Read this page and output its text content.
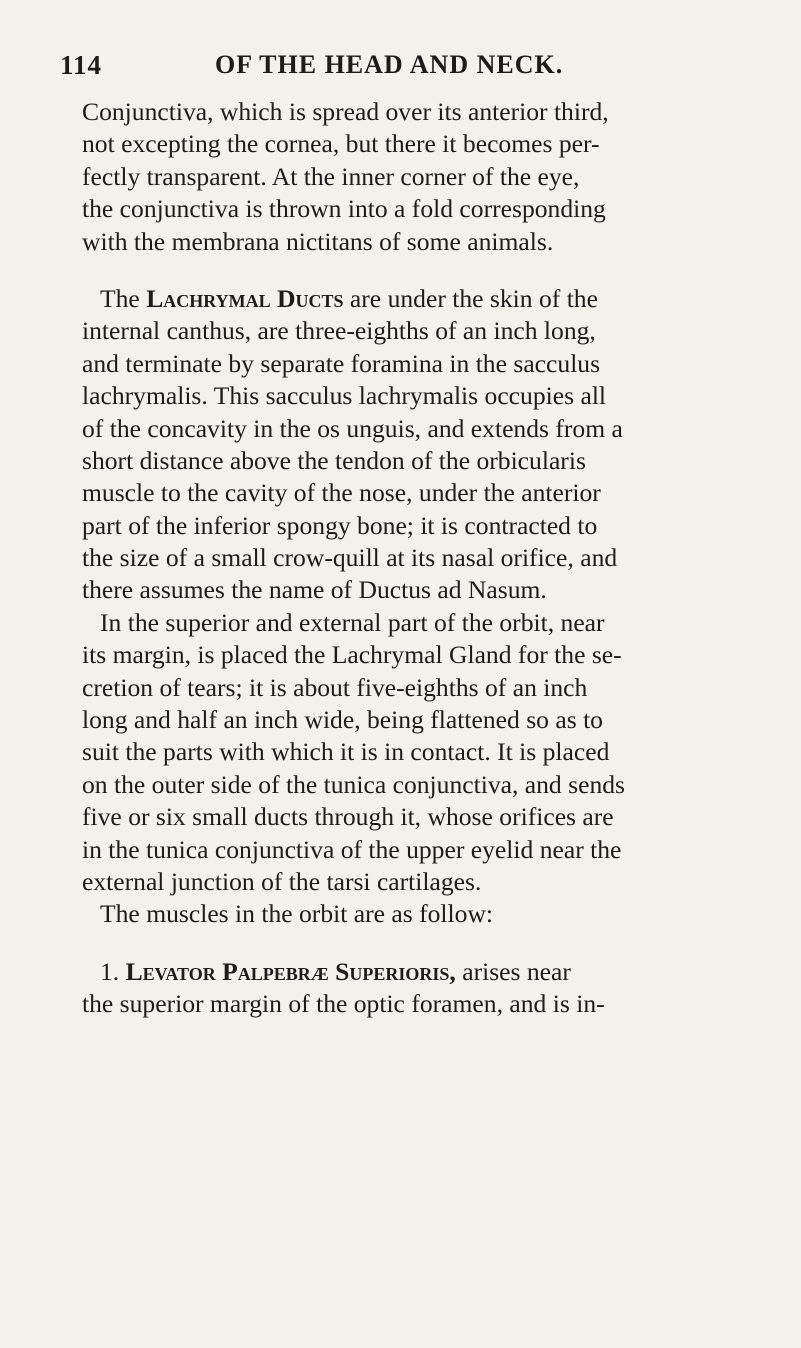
114	OF THE HEAD AND NECK.
Conjunctiva, which is spread over its anterior third,
not excepting the cornea, but there it becomes per-
fectly transparent. At the inner corner of the eye,
the conjunctiva is thrown into a fold corresponding
with the membrana nictitans of some animals.
The Lachrymal Ducts are under the skin of the
internal canthus, are three-eighths of an inch long,
and terminate by separate foramina in the sacculus
lachrymalis. This sacculus lachrymalis occupies all
of the concavity in the os unguis, and extends from a
short distance above the tendon of the orbicularis
muscle to the cavity of the nose, under the anterior
part of the inferior spongy bone; it is contracted to
the size of a small crow-quill at its nasal orifice, and
there assumes the name of Ductus ad Nasum.
In the superior and external part of the orbit, near
its margin, is placed the Lachrymal Gland for the se-
cretion of tears; it is about five-eighths of an inch
long and half an inch wide, being flattened so as to
suit the parts with which it is in contact. It is placed
on the outer side of the tunica conjunctiva, and sends
five or six small ducts through it, whose orifices are
in the tunica conjunctiva of the upper eyelid near the
external junction of the tarsi cartilages.
The muscles in the orbit are as follow:
1. Levator Palpebræ Superioris, arises near
the superior margin of the optic foramen, and is in-
